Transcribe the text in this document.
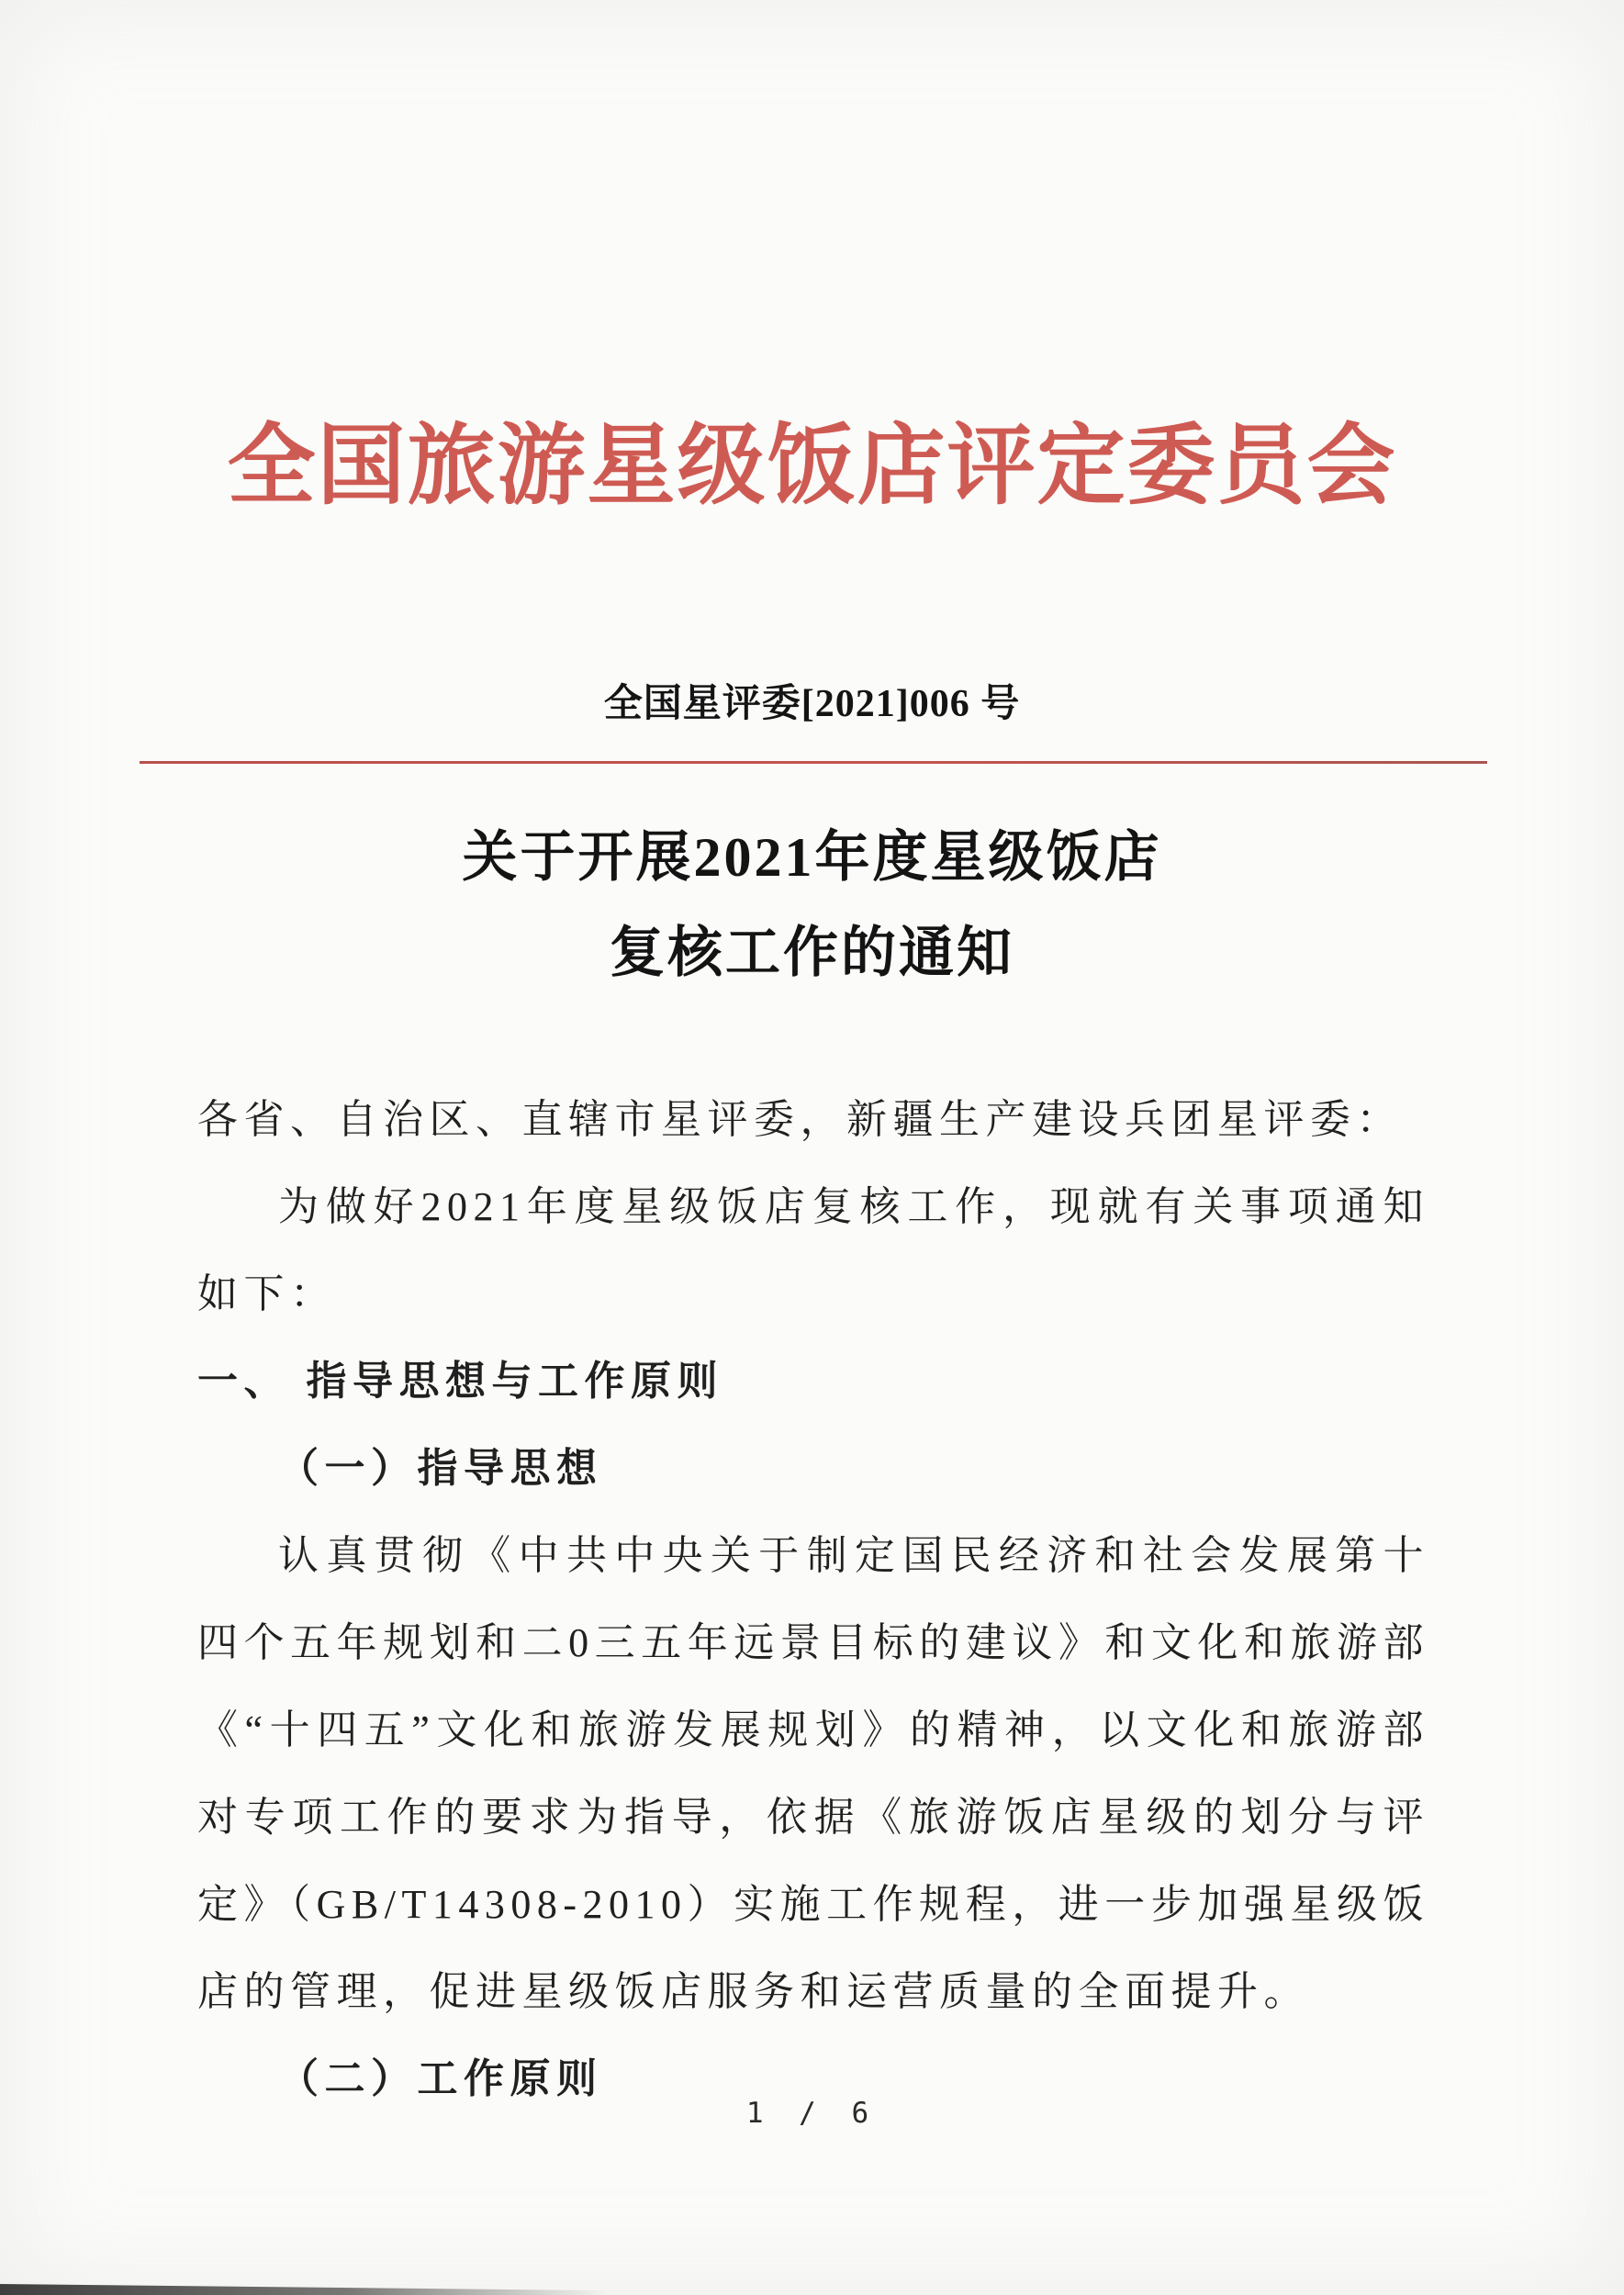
全国旅游星级饭店评定委员会
全国星评委[2021]006 号
关于开展2021年度星级饭店
复核工作的通知

各省、自治区、直辖市星评委，新疆生产建设兵团星评委：

为做好2021年度星级饭店复核工作，现就有关事项通知如下：

一、 指导思想与工作原则

（一）指导思想

认真贯彻《中共中央关于制定国民经济和社会发展第十四个五年规划和二0三五年远景目标的建议》和文化和旅游部《“十四五”文化和旅游发展规划》的精神，以文化和旅游部对专项工作的要求为指导，依据《旅游饭店星级的划分与评定》（GB/T14308-2010）实施工作规程，进一步加强星级饭店的管理，促进星级饭店服务和运营质量的全面提升。

（二）工作原则

1 / 6
